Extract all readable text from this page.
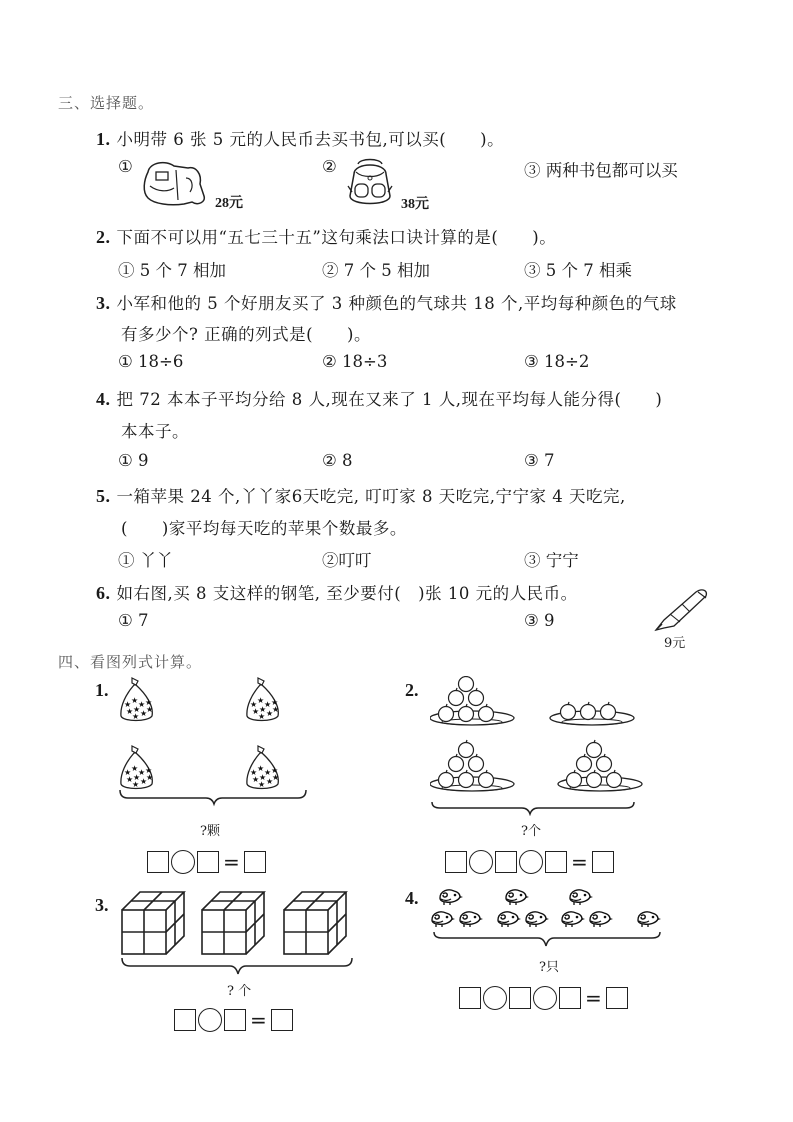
三、选择题。
1. 小明带 6 张 5 元的人民币去买书包,可以买(　　)。
①
28元
②
38元
③ 两种书包都可以买
2. 下面不可以用“五七三十五”这句乘法口诀计算的是(　　)。
① 5 个 7 相加	② 7 个 5 相加	③ 5 个 7 相乘
3. 小军和他的 5 个好朋友买了 3 种颜色的气球共 18 个,平均每种颜色的气球
有多少个? 正确的列式是(　　)。
① 18÷6	② 18÷3	③ 18÷2
4. 把 72 本本子平均分给 8 人,现在又来了 1 人,现在平均每人能分得(　　)
本本子。
① 9	② 8	③ 7
5. 一箱苹果 24 个,丫丫家6天吃完, 叮叮家 8 天吃完,宁宁家 4 天吃完,
(　　)家平均每天吃的苹果个数最多。
① 丫丫	②叮叮	③ 宁宁
6. 如右图,买 8 支这样的钢笔, 至少要付(　)张 10 元的人民币。
① 7	③ 9
9元
四、看图列式计算。
1.
?颗
=
2.
?个
=
3.
? 个
=
4.
?只
=
